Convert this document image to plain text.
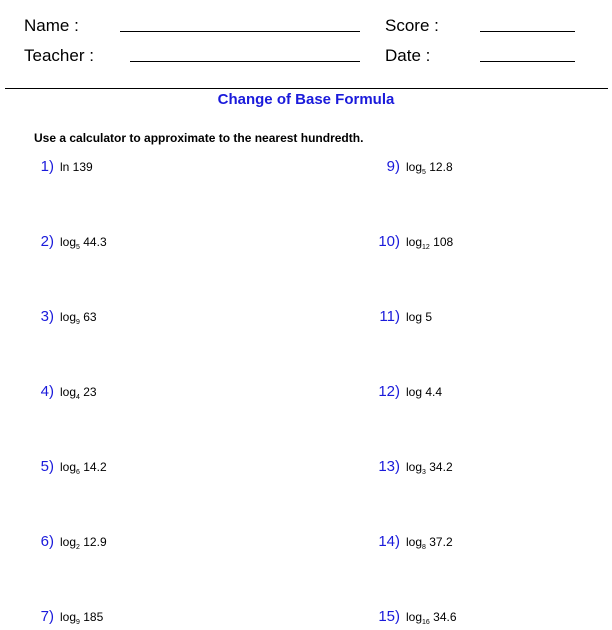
Name :
Teacher :
Score :
Date :
Change of Base Formula
Use a calculator to approximate to the nearest hundredth.
1) ln 139
2) $\log_5 44.3$
3) $\log_9 63$
4) $\log_4 23$
5) $\log_6 14.2$
6) $\log_2 12.9$
7) $\log_9 185$
9) $\log_5 12.8$
10) $\log_{12} 108$
11) log 5
12) log 4.4
13) $\log_3 34.2$
14) $\log_8 37.2$
15) $\log_{16} 34.6$
